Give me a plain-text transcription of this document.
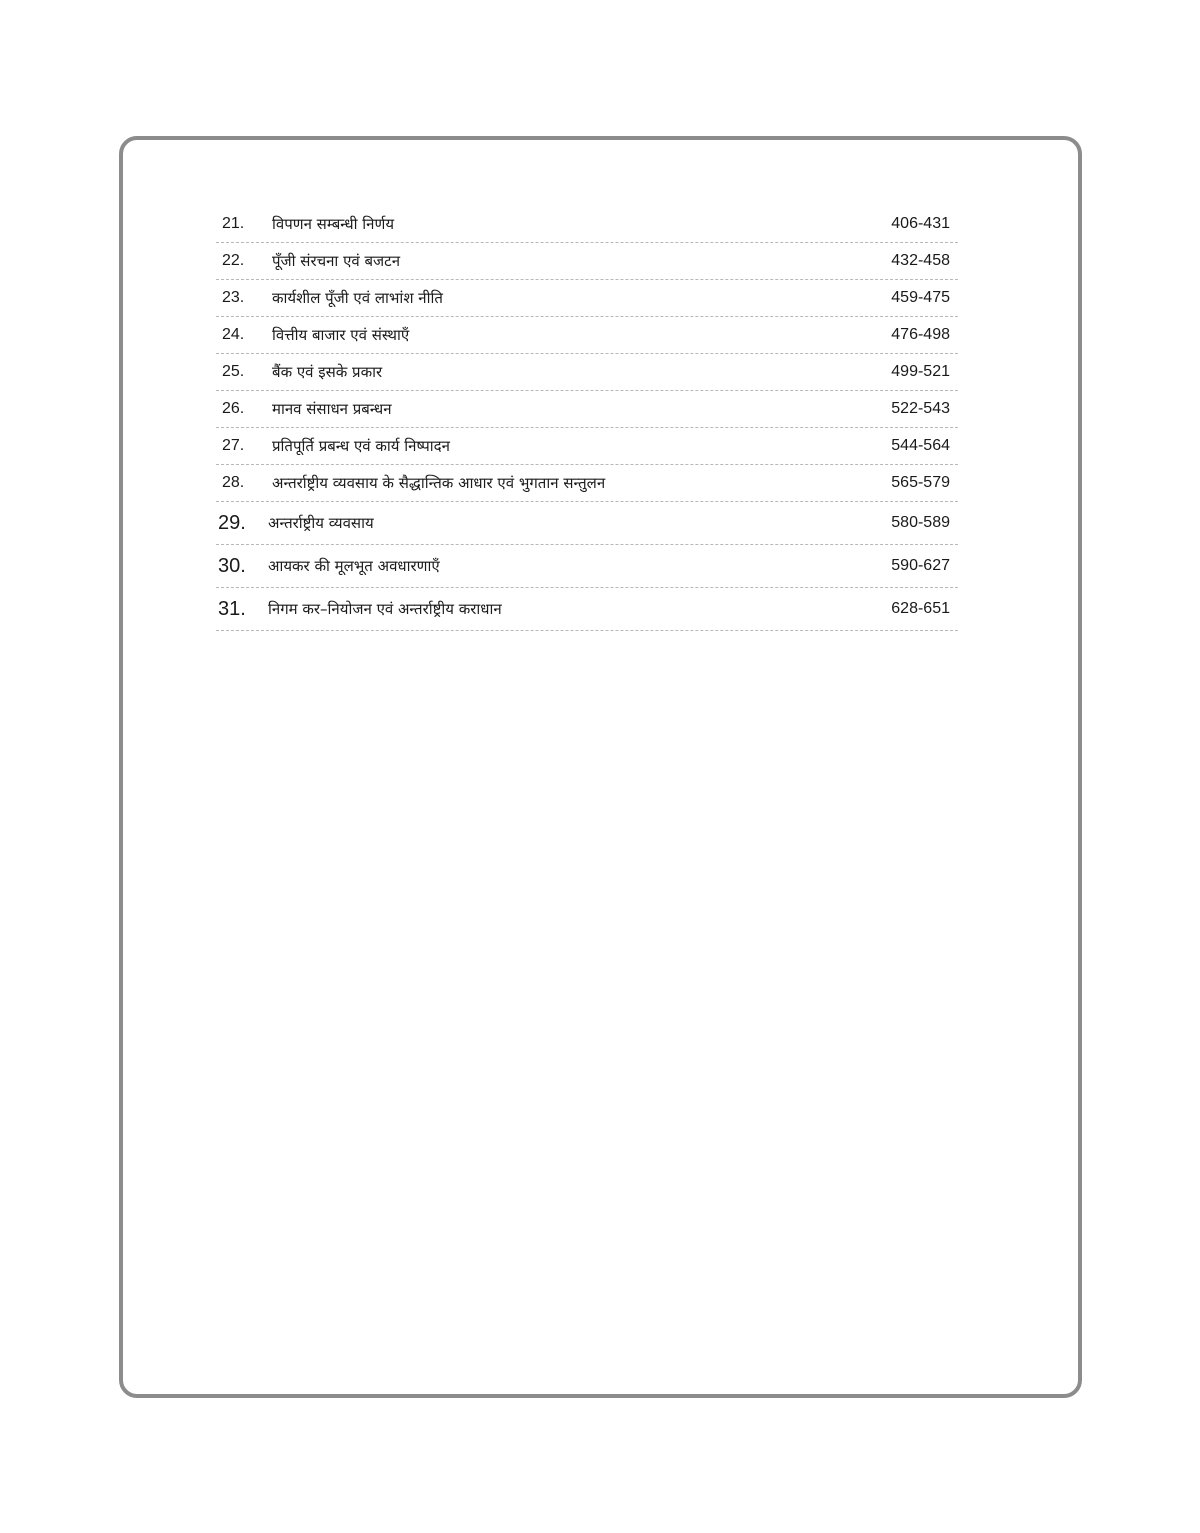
21.	विपणन सम्बन्धी निर्णय	406-431
22.	पूँजी संरचना एवं बजटन	432-458
23.	कार्यशील पूँजी एवं लाभांश नीति	459-475
24.	वित्तीय बाजार एवं संस्थाएँ	476-498
25.	बैंक एवं इसके प्रकार	499-521
26.	मानव संसाधन प्रबन्धन	522-543
27.	प्रतिपूर्ति प्रबन्ध एवं कार्य निष्पादन	544-564
28.	अन्तर्राष्ट्रीय व्यवसाय के सैद्धान्तिक आधार एवं भुगतान सन्तुलन	565-579
29.	अन्तर्राष्ट्रीय व्यवसाय	580-589
30.	आयकर की मूलभूत अवधारणाएँ	590-627
31.	निगम कर–नियोजन एवं अन्तर्राष्ट्रीय कराधान	628-651
